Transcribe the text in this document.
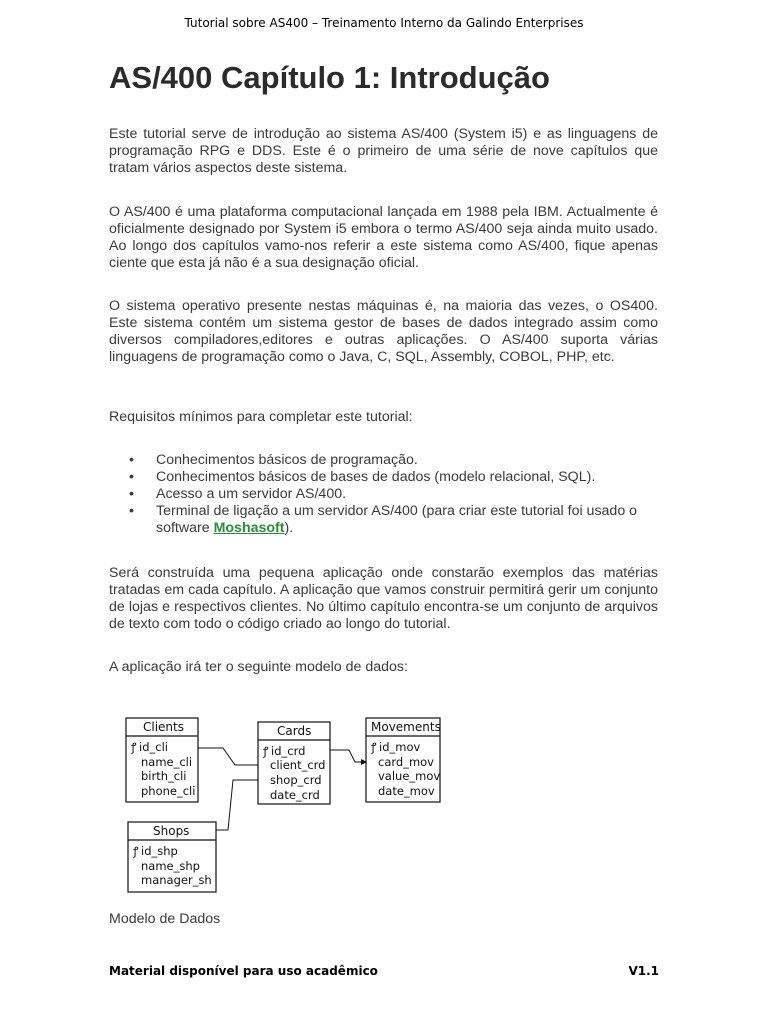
Tutorial sobre AS400 – Treinamento Interno da Galindo Enterprises
AS/400 Capítulo 1: Introdução

Este tutorial serve de introdução ao sistema AS/400 (System i5) e as linguagens de programação RPG e DDS. Este é o primeiro de uma série de nove capítulos que tratam vários aspectos deste sistema.

O AS/400 é uma plataforma computacional lançada em 1988 pela IBM. Actualmente é oficialmente designado por System i5 embora o termo AS/400 seja ainda muito usado. Ao longo dos capítulos vamo-nos referir a este sistema como AS/400, fique apenas ciente que esta já não é a sua designação oficial.

O sistema operativo presente nestas máquinas é, na maioria das vezes, o OS400. Este sistema contém um sistema gestor de bases de dados integrado assim como diversos compiladores,editores e outras aplicações. O AS/400 suporta várias linguagens de programação como o Java, C, SQL, Assembly, COBOL, PHP, etc.

Requisitos mínimos para completar este tutorial:

• Conhecimentos básicos de programação.
• Conhecimentos básicos de bases de dados (modelo relacional, SQL).
• Acesso a um servidor AS/400.
• Terminal de ligação a um servidor AS/400 (para criar este tutorial foi usado o software Moshasoft).

Será construída uma pequena aplicação onde constarão exemplos das matérias tratadas em cada capítulo. A aplicação que vamos construir permitirá gerir um conjunto de lojas e respectivos clientes. No último capítulo encontra-se um conjunto de arquivos de texto com todo o código criado ao longo do tutorial.

A aplicação irá ter o seguinte modelo de dados:

Clients
ꝭ id_cli
name_cli
birth_cli
phone_cli
Cards
ꝭ id_crd
client_crd
shop_crd
date_crd
Movements
ꝭ id_mov
card_mov
value_mov
date_mov
Shops
ꝭ id_shp
name_shp
manager_sh

Modelo de Dados

Material disponível para uso acadêmico	V1.1
